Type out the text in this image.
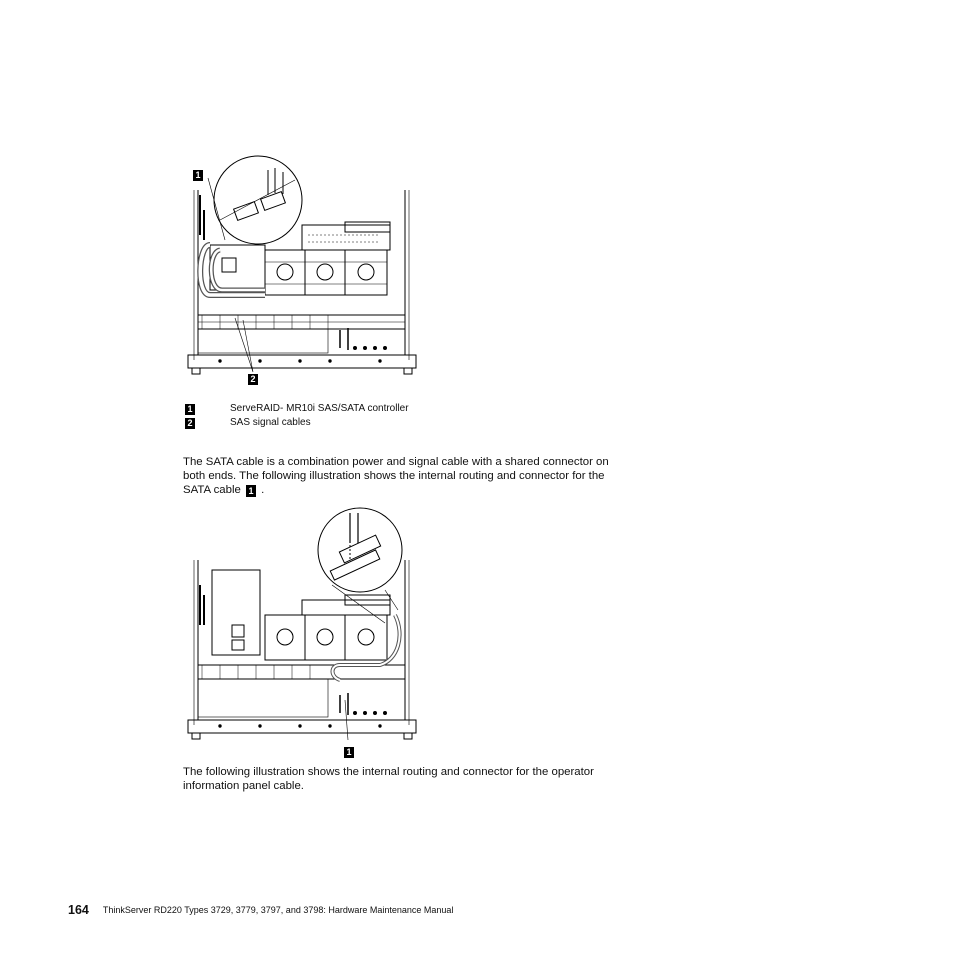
1
2
1	ServeRAID- MR10i SAS/SATA controller
2	SAS signal cables
The SATA cable is a combination power and signal cable with a shared connector on both ends. The following illustration shows the internal routing and connector for the SATA cable 1 .
1
The following illustration shows the internal routing and connector for the operator information panel cable.
164 ThinkServer RD220 Types 3729, 3779, 3797, and 3798: Hardware Maintenance Manual
